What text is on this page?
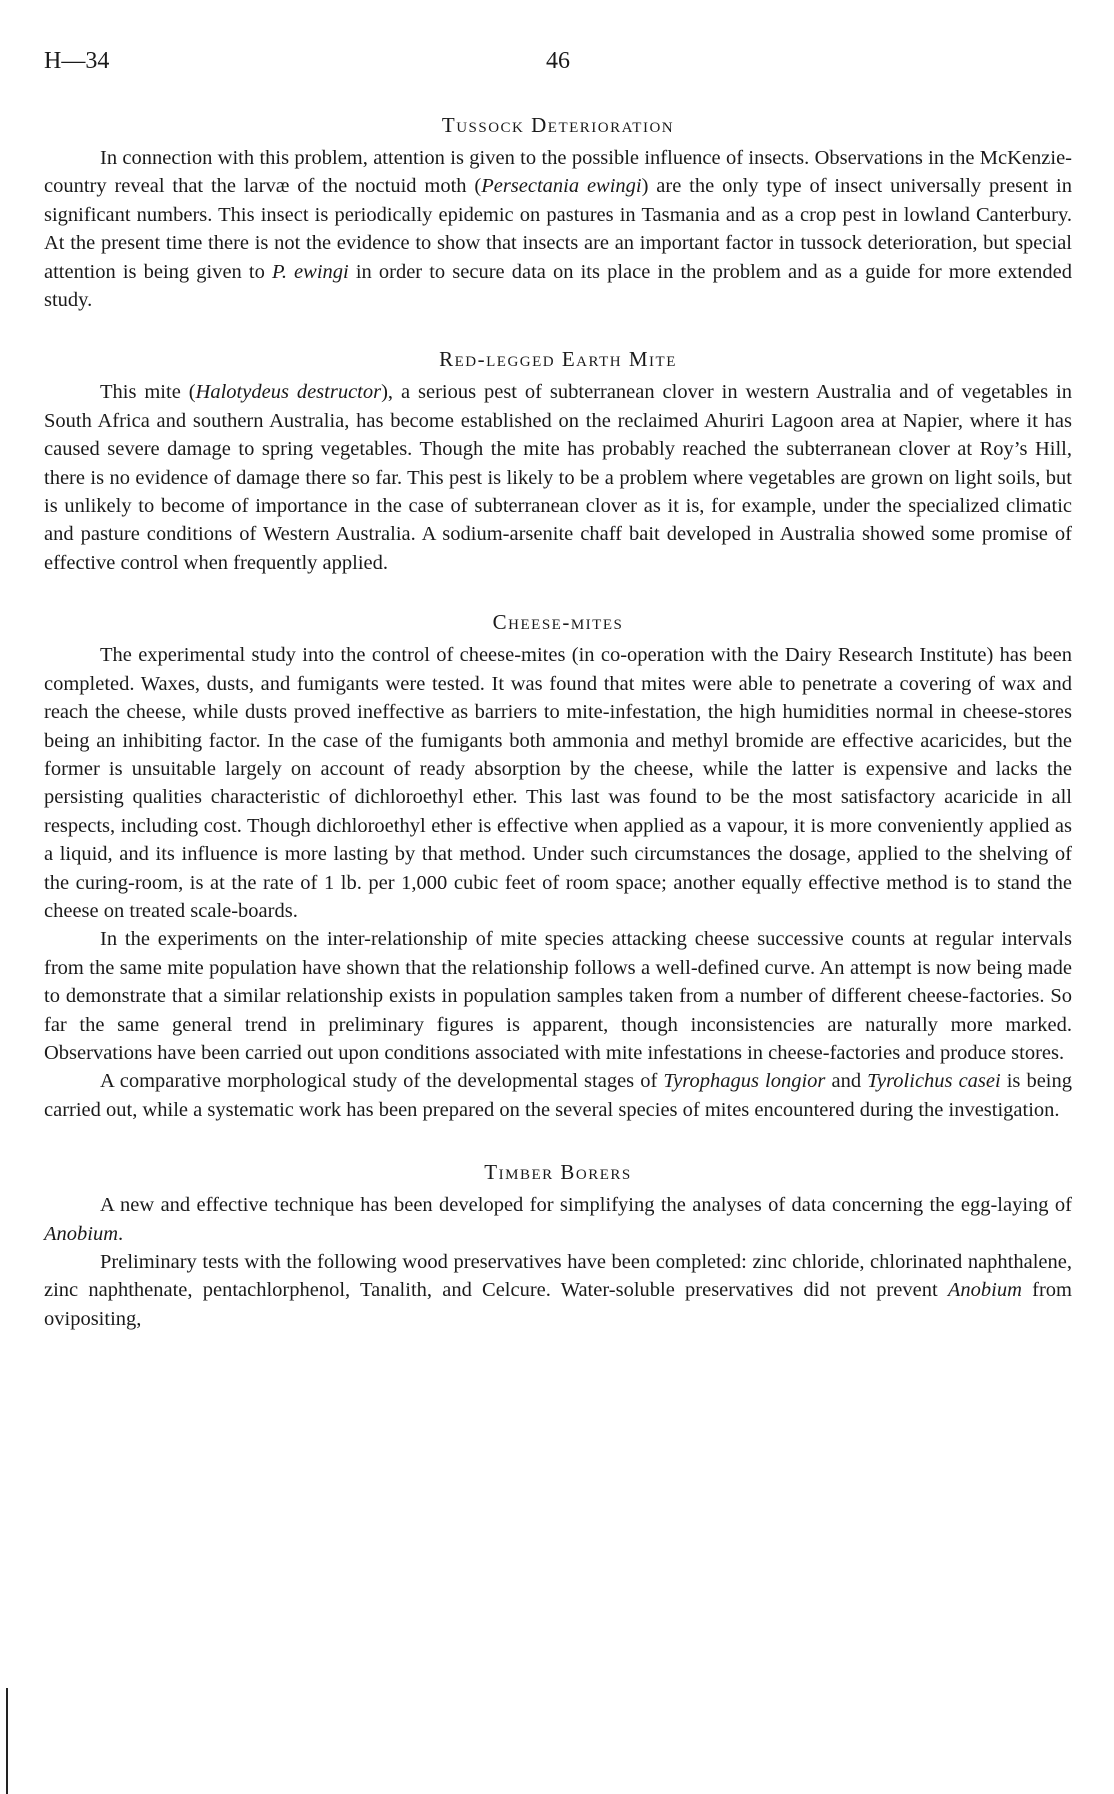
H—34	46
Tussock Deterioration

In connection with this problem, attention is given to the possible influence of insects. Observations in the McKenzie-country reveal that the larvæ of the noctuid moth (Persectania ewingi) are the only type of insect universally present in significant numbers. This insect is periodically epidemic on pastures in Tasmania and as a crop pest in lowland Canterbury. At the present time there is not the evidence to show that insects are an important factor in tussock deterioration, but special attention is being given to P. ewingi in order to secure data on its place in the problem and as a guide for more extended study.

Red-legged Earth Mite

This mite (Halotydeus destructor), a serious pest of subterranean clover in western Australia and of vegetables in South Africa and southern Australia, has become established on the reclaimed Ahuriri Lagoon area at Napier, where it has caused severe damage to spring vegetables. Though the mite has probably reached the subterranean clover at Roy’s Hill, there is no evidence of damage there so far. This pest is likely to be a problem where vegetables are grown on light soils, but is unlikely to become of importance in the case of subterranean clover as it is, for example, under the specialized climatic and pasture conditions of Western Australia. A sodium-arsenite chaff bait developed in Australia showed some promise of effective control when frequently applied.

Cheese-mites

The experimental study into the control of cheese-mites (in co-operation with the Dairy Research Institute) has been completed. Waxes, dusts, and fumigants were tested. It was found that mites were able to penetrate a covering of wax and reach the cheese, while dusts proved ineffective as barriers to mite-infestation, the high humidities normal in cheese-stores being an inhibiting factor. In the case of the fumigants both ammonia and methyl bromide are effective acaricides, but the former is unsuitable largely on account of ready absorption by the cheese, while the latter is expensive and lacks the persisting qualities characteristic of dichloroethyl ether. This last was found to be the most satisfactory acaricide in all respects, including cost. Though dichloroethyl ether is effective when applied as a vapour, it is more conveniently applied as a liquid, and its influence is more lasting by that method. Under such circumstances the dosage, applied to the shelving of the curing-room, is at the rate of 1 lb. per 1,000 cubic feet of room space; another equally effective method is to stand the cheese on treated scale-boards.

In the experiments on the inter-relationship of mite species attacking cheese successive counts at regular intervals from the same mite population have shown that the relationship follows a well-defined curve. An attempt is now being made to demonstrate that a similar relationship exists in population samples taken from a number of different cheese-factories. So far the same general trend in preliminary figures is apparent, though inconsistencies are naturally more marked. Observations have been carried out upon conditions associated with mite infestations in cheese-factories and produce stores.

A comparative morphological study of the developmental stages of Tyrophagus longior and Tyrolichus casei is being carried out, while a systematic work has been prepared on the several species of mites encountered during the investigation.

Timber Borers

A new and effective technique has been developed for simplifying the analyses of data concerning the egg-laying of Anobium.

Preliminary tests with the following wood preservatives have been completed: zinc chloride, chlorinated naphthalene, zinc naphthenate, pentachlorphenol, Tanalith, and Celcure. Water-soluble preservatives did not prevent Anobium from ovipositing,
